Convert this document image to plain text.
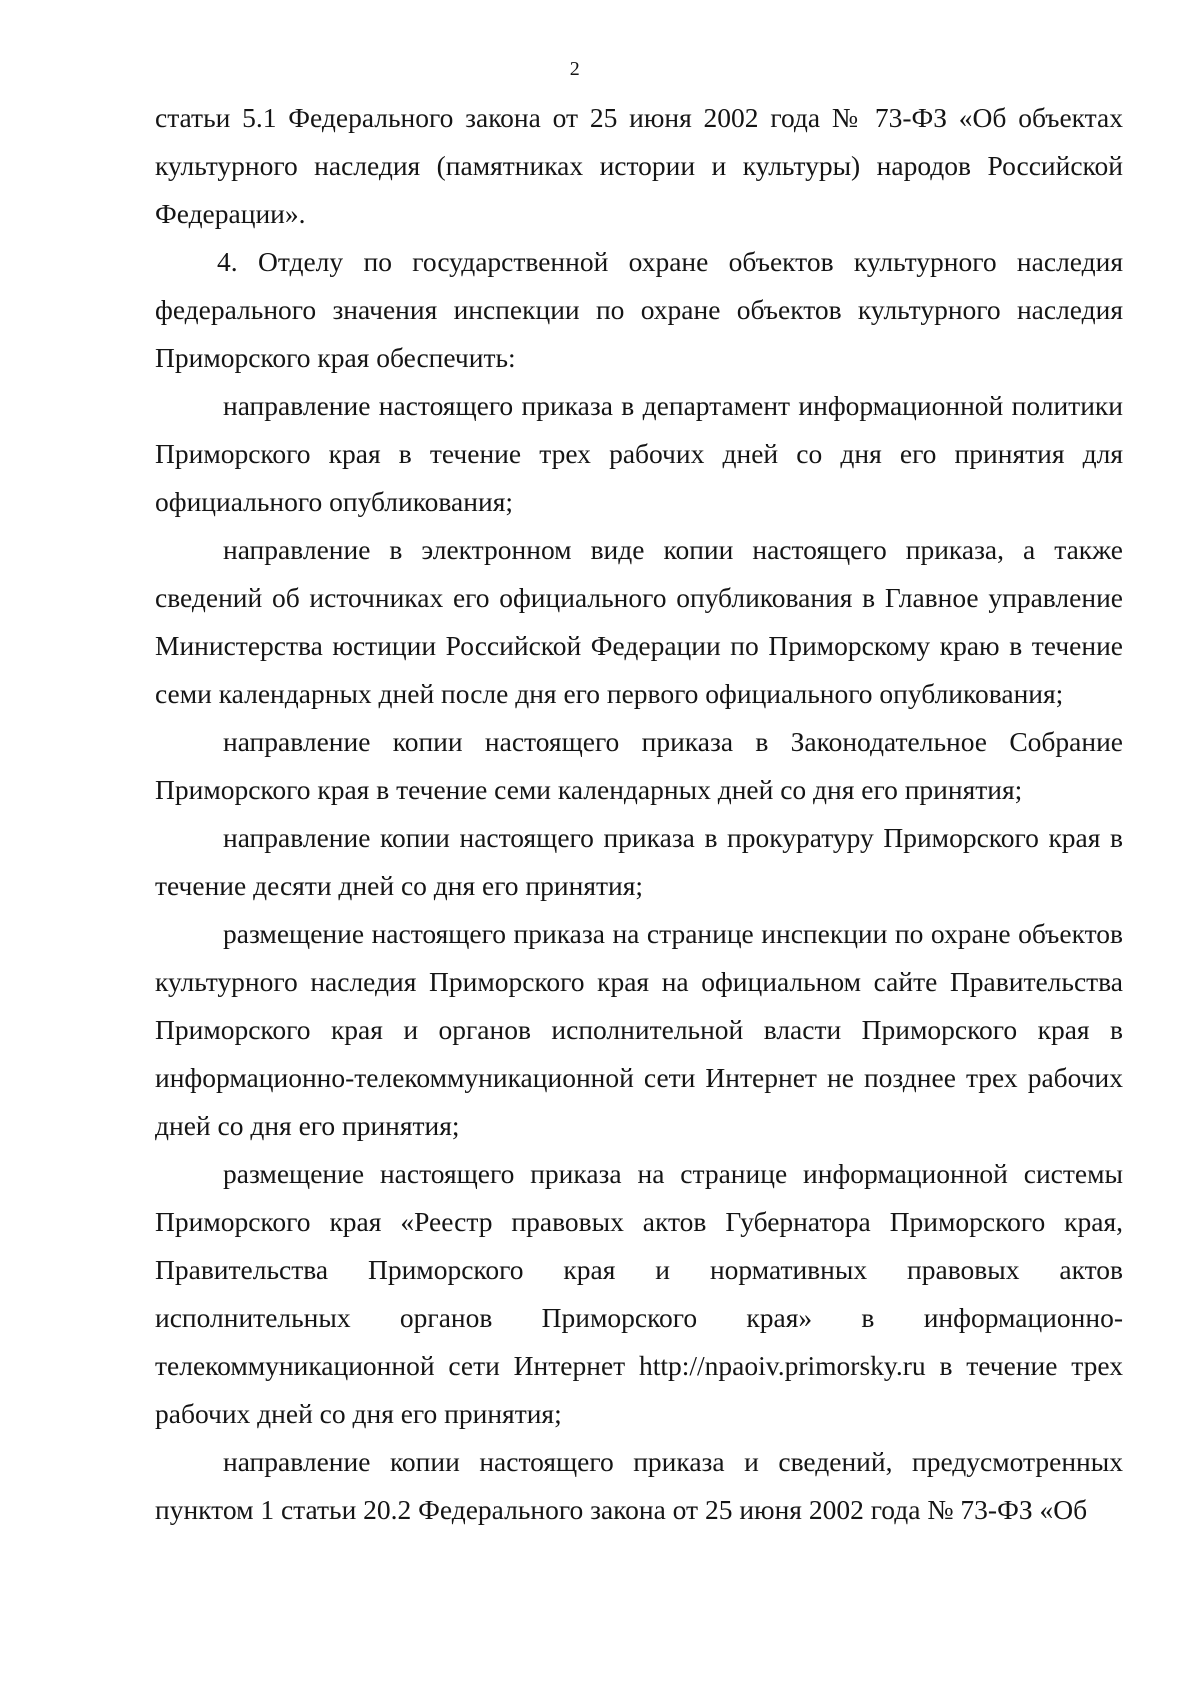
2

статьи 5.1 Федерального закона от 25 июня 2002 года № 73-ФЗ «Об объектах культурного наследия (памятниках истории и культуры) народов Российской Федерации».

4. Отделу по государственной охране объектов культурного наследия федерального значения инспекции по охране объектов культурного наследия Приморского края обеспечить:

направление настоящего приказа в департамент информационной политики Приморского края в течение трех рабочих дней со дня его принятия для официального опубликования;

направление в электронном виде копии настоящего приказа, а также сведений об источниках его официального опубликования в Главное управление Министерства юстиции Российской Федерации по Приморскому краю в течение семи календарных дней после дня его первого официального опубликования;

направление копии настоящего приказа в Законодательное Собрание Приморского края в течение семи календарных дней со дня его принятия;

направление копии настоящего приказа в прокуратуру Приморского края в течение десяти дней со дня его принятия;

размещение настоящего приказа на странице инспекции по охране объектов культурного наследия Приморского края на официальном сайте Правительства Приморского края и органов исполнительной власти Приморского края в информационно-телекоммуникационной сети Интернет не позднее трех рабочих дней со дня его принятия;

размещение настоящего приказа на странице информационной системы Приморского края «Реестр правовых актов Губернатора Приморского края, Правительства Приморского края и нормативных правовых актов исполнительных органов Приморского края» в информационно-телекоммуникационной сети Интернет http://npaoiv.primorsky.ru в течение трех рабочих дней со дня его принятия;

направление копии настоящего приказа и сведений, предусмотренных пунктом 1 статьи 20.2 Федерального закона от 25 июня 2002 года № 73-ФЗ «Об
